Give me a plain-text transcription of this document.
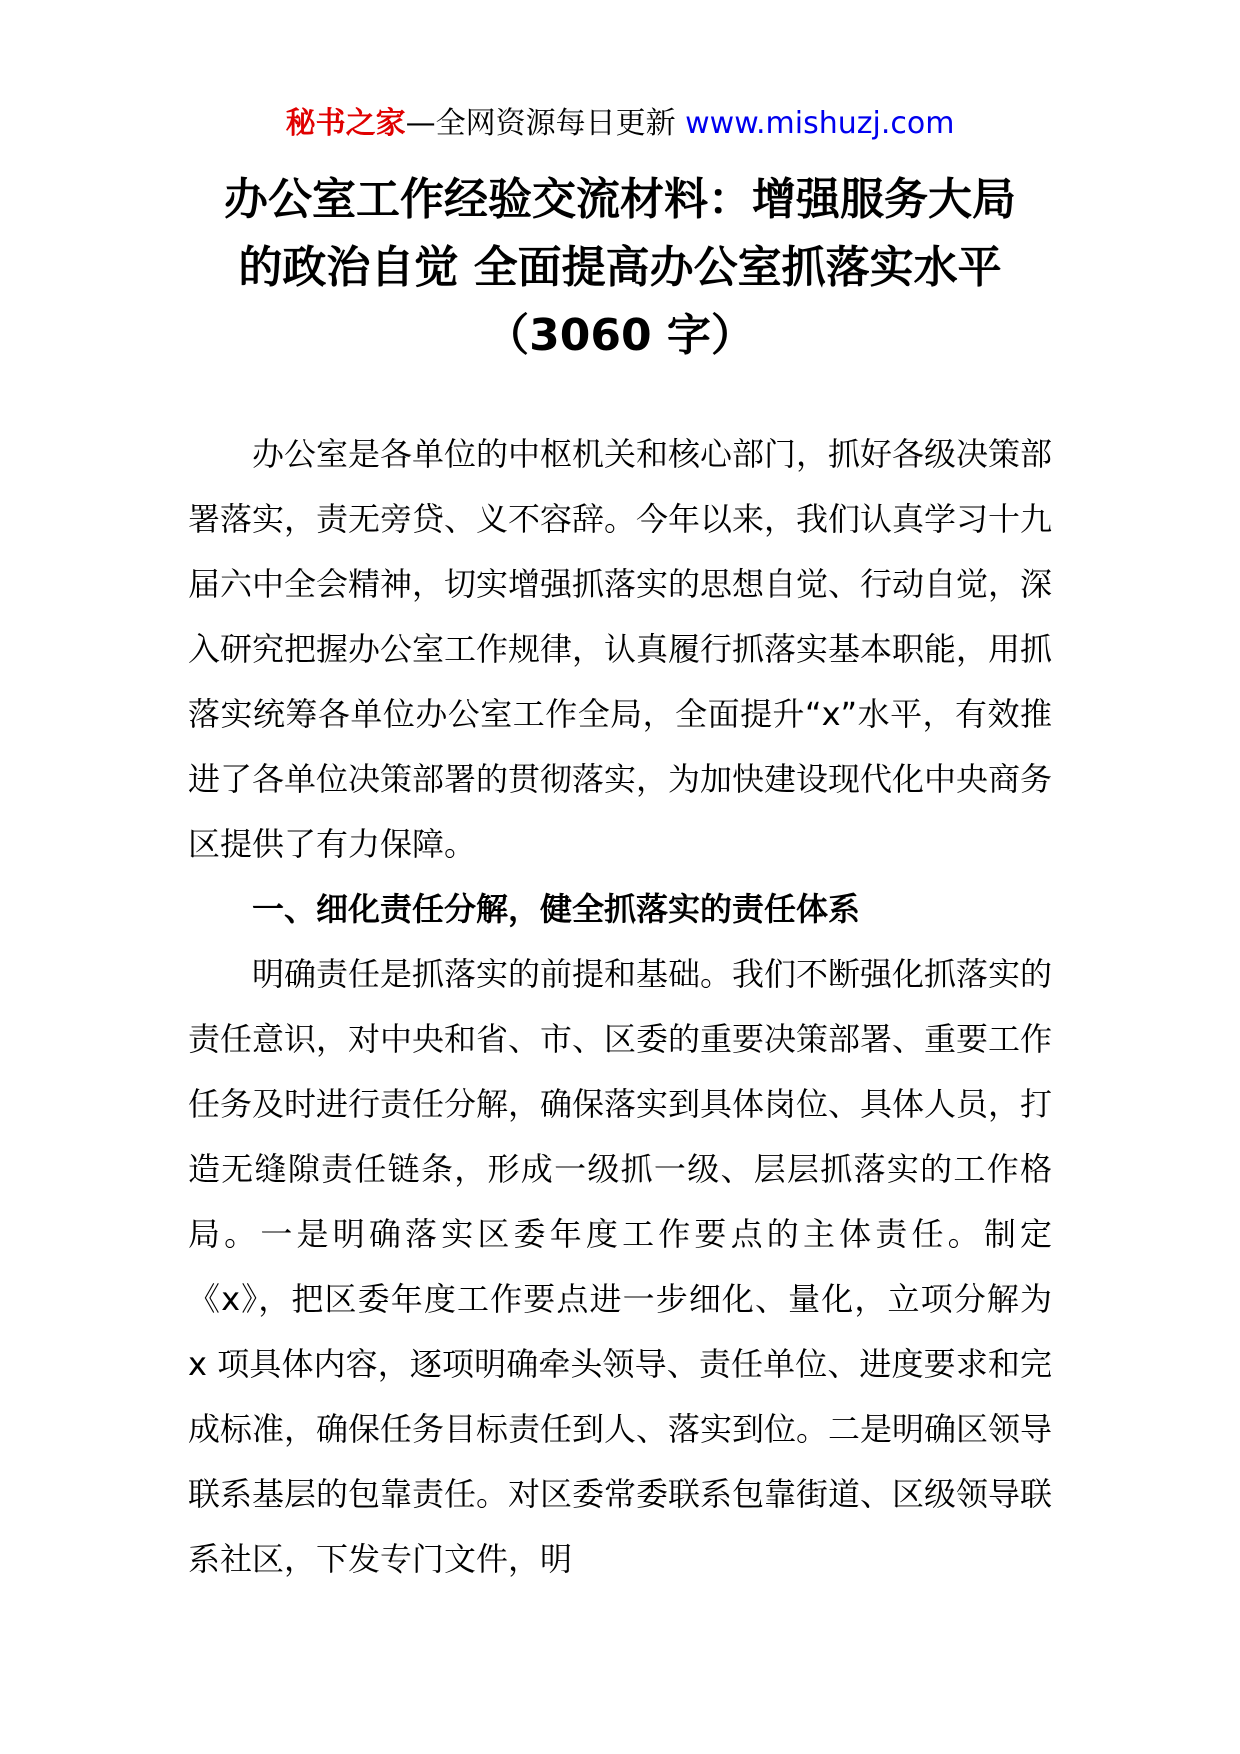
秘书之家—全网资源每日更新 www.mishuzj.com
办公室工作经验交流材料：增强服务大局
的政治自觉 全面提高办公室抓落实水平
（3060 字）

办公室是各单位的中枢机关和核心部门，抓好各级决策部署落实，责无旁贷、义不容辞。今年以来，我们认真学习十九届六中全会精神，切实增强抓落实的思想自觉、行动自觉，深入研究把握办公室工作规律，认真履行抓落实基本职能，用抓落实统筹各单位办公室工作全局，全面提升“x”水平，有效推进了各单位决策部署的贯彻落实，为加快建设现代化中央商务区提供了有力保障。

一、细化责任分解，健全抓落实的责任体系

明确责任是抓落实的前提和基础。我们不断强化抓落实的责任意识，对中央和省、市、区委的重要决策部署、重要工作任务及时进行责任分解，确保落实到具体岗位、具体人员，打造无缝隙责任链条，形成一级抓一级、层层抓落实的工作格局。一是明确落实区委年度工作要点的主体责任。制定《x》，把区委年度工作要点进一步细化、量化，立项分解为 x 项具体内容，逐项明确牵头领导、责任单位、进度要求和完成标准，确保任务目标责任到人、落实到位。二是明确区领导联系基层的包靠责任。对区委常委联系包靠街道、区级领导联系社区，下发专门文件，明
